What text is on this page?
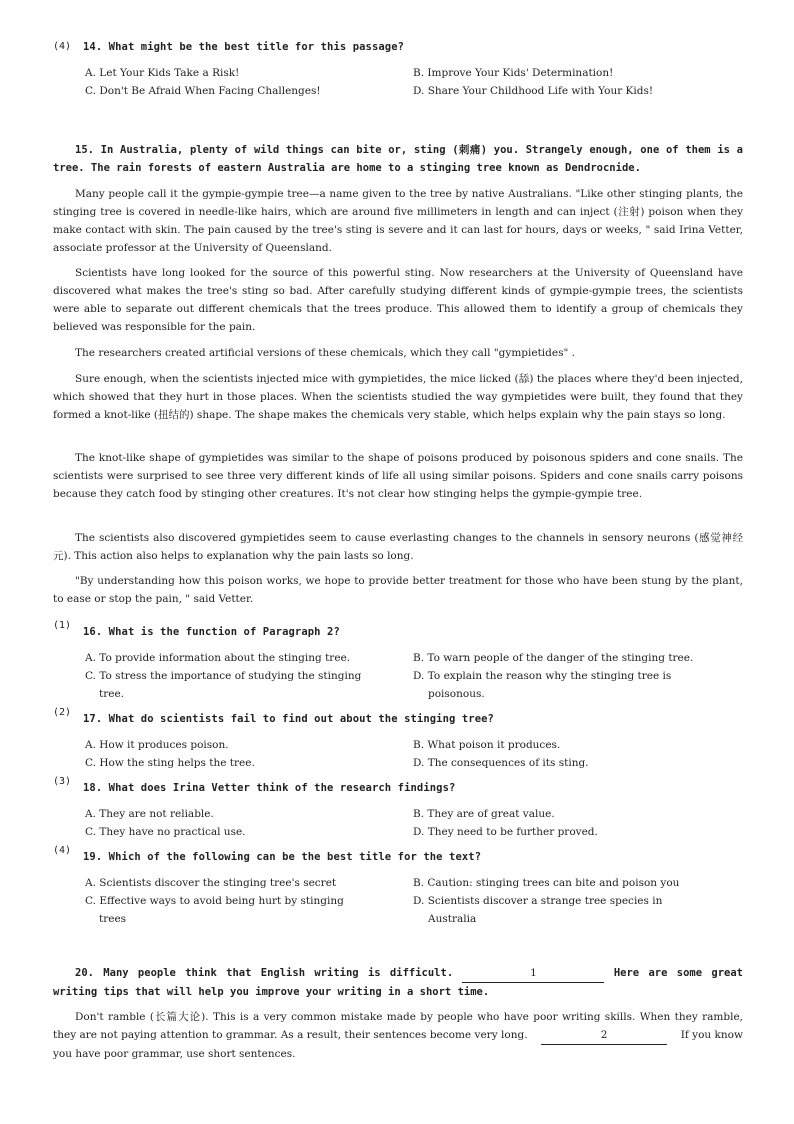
(4) 14. What might be the best title for this passage?
A. Let Your Kids Take a Risk!	B. Improve Your Kids' Determination!
C. Don't Be Afraid When Facing Challenges!	D. Share Your Childhood Life with Your Kids!
15. In Australia, plenty of wild things can bite or, sting (刺痛) you. Strangely enough, one of them is a tree. The rain forests of eastern Australia are home to a stinging tree known as Dendrocnide.
Many people call it the gympie-gympie tree—a name given to the tree by native Australians. "Like other stinging plants, the stinging tree is covered in needle-like hairs, which are around five millimeters in length and can inject (注射) poison when they make contact with skin. The pain caused by the tree's sting is severe and it can last for hours, days or weeks, " said Irina Vetter, associate professor at the University of Queensland.
Scientists have long looked for the source of this powerful sting. Now researchers at the University of Queensland have discovered what makes the tree's sting so bad. After carefully studying different kinds of gympie-gympie trees, the scientists were able to separate out different chemicals that the trees produce. This allowed them to identify a group of chemicals they believed was responsible for the pain.
The researchers created artificial versions of these chemicals, which they call "gympietides" .
Sure enough, when the scientists injected mice with gympietides, the mice licked (舔) the places where they'd been injected, which showed that they hurt in those places. When the scientists studied the way gympietides were built, they found that they formed a knot-like (扭结的) shape. The shape makes the chemicals very stable, which helps explain why the pain stays so long.
The knot-like shape of gympietides was similar to the shape of poisons produced by poisonous spiders and cone snails. The scientists were surprised to see three very different kinds of life all using similar poisons. Spiders and cone snails carry poisons because they catch food by stinging other creatures. It's not clear how stinging helps the gympie-gympie tree.
The scientists also discovered gympietides seem to cause everlasting changes to the channels in sensory neurons (感觉神经元). This action also helps to explanation why the pain lasts so long.
"By understanding how this poison works, we hope to provide better treatment for those who have been stung by the plant, to ease or stop the pain, " said Vetter.
(1)
16. What is the function of Paragraph 2?
A. To provide information about the stinging tree.	B. To warn people of the danger of the stinging tree.
C. To stress the importance of studying the stinging
tree.
D. To explain the reason why the stinging tree is
poisonous.
(2)
17. What do scientists fail to find out about the stinging tree?
A. How it produces poison.	B. What poison it produces.
C. How the sting helps the tree.	D. The consequences of its sting.
(3)
18. What does Irina Vetter think of the research findings?
A. They are not reliable.	B. They are of great value.
C. They have no practical use.	D. They need to be further proved.
(4)
19. Which of the following can be the best title for the text?
A. Scientists discover the stinging tree's secret	B. Caution: stinging trees can bite and poison you
C. Effective ways to avoid being hurt by stinging
trees
D. Scientists discover a strange tree species in
Australia
20. Many people think that English writing is difficult.	1	Here are some great writing tips that will help you improve your writing in a short time.
Don't ramble (长篇大论). This is a very common mistake made by people who have poor writing skills. When they ramble, they are not paying attention to grammar. As a result, their sentences become very long.	2	If you know you have poor grammar, use short sentences.
